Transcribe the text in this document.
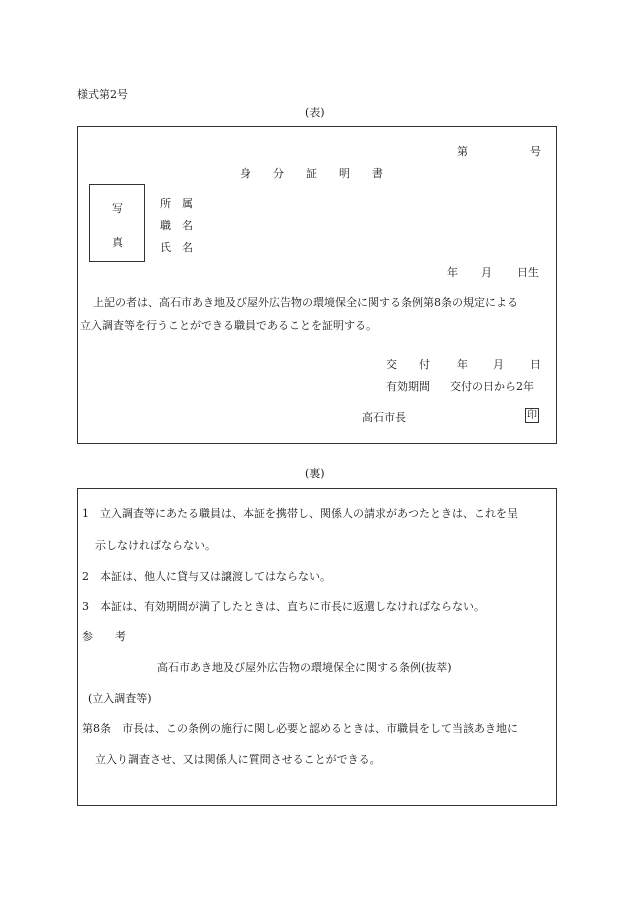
様式第2号
(表)
第	号
身　　分　　証　　明　　書
写
真
所　属
職　名
氏　名
年 月 日生
上記の者は、高石市あき地及び屋外広告物の環境保全に関する条例第8条の規定による
立入調査等を行うことができる職員であることを証明する。
交　　付 年 月 日
有効期間 交付の日から2年
高石市長	印
(裏)
1　立入調査等にあたる職員は、本証を携帯し、関係人の請求があつたときは、これを呈
示しなければならない。
2　本証は、他人に貸与又は譲渡してはならない。
3　本証は、有効期間が満了したときは、直ちに市長に返還しなければならない。
参　　考
高石市あき地及び屋外広告物の環境保全に関する条例(抜萃)
(立入調査等)
第8条　市長は、この条例の施行に関し必要と認めるときは、市職員をして当該あき地に
立入り調査させ、又は関係人に質問させることができる。
